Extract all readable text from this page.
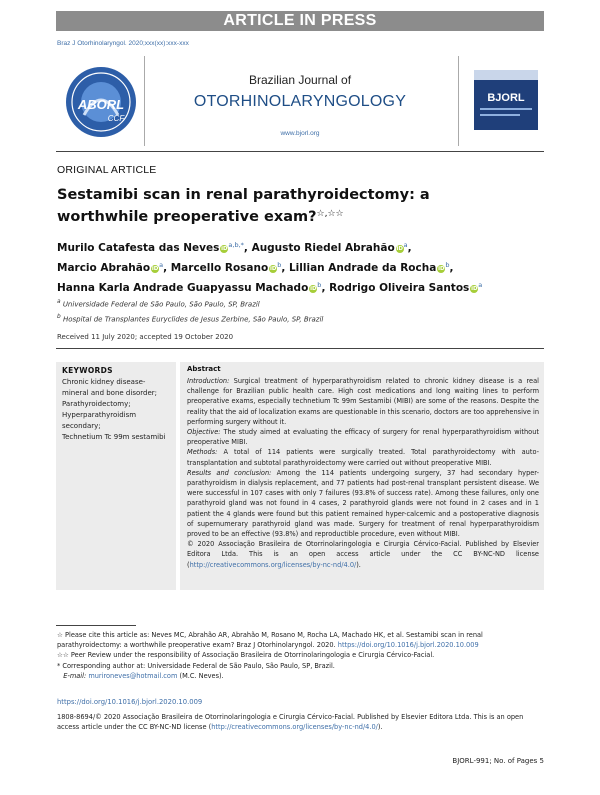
ARTICLE IN PRESS
Braz J Otorhinolaryngol. 2020;xxx(xx):xxx-xxx
ABORL
CCF
Brazilian Journal of
OTORHINOLARYNGOLOGY
www.bjorl.org
BJORL
ORIGINAL ARTICLE
Sestamibi scan in renal parathyroidectomy: a worthwhile preoperative exam?☆,☆☆
Murilo Catafesta das Neves $iD^{a,b,*}$, Augusto Riedel Abrahão $iD^a$,
Marcio Abrahão $iD^a$, Marcello Rosano $iD^b$, Lillian Andrade da Rocha $iD^b$,
Hanna Karla Andrade Guapyassu Machado $iD^b$, Rodrigo Oliveira Santos $iD^a$
$^a$ Universidade Federal de São Paulo, São Paulo, SP, Brazil
$^b$ Hospital de Transplantes Euryclides de Jesus Zerbine, São Paulo, SP, Brazil
Received 11 July 2020; accepted 19 October 2020
KEYWORDS
Chronic kidney disease-mineral and bone disorder;
Parathyroidectomy;
Hyperparathyroidism secondary;
Technetium Tc 99m sestamibi
Abstract

Introduction: Surgical treatment of hyperparathyroidism related to chronic kidney disease is a real challenge for Brazilian public health care. High cost medications and long waiting lines to perform preoperative exams, especially technetium Tc 99m Sestamibi (MIBI) are some of the reasons. Despite the reality that the aid of localization exams are questionable in this scenario, doctors are too apprehensive in performing surgery without it.

Objective: The study aimed at evaluating the efficacy of surgery for renal hyperparathyroidism without preoperative MIBI.

Methods: A total of 114 patients were surgically treated. Total parathyroidectomy with auto-transplantation and subtotal parathyroidectomy were carried out without preoperative MIBI.

Results and conclusion: Among the 114 patients undergoing surgery, 37 had secondary hyper-parathyroidism in dialysis replacement, and 77 patients had post-renal transplant persistent disease. We were successful in 107 cases with only 7 failures (93.8% of success rate). Among these failures, only one parathyroid gland was not found in 4 cases, 2 parathyroid glands were not found in 2 cases and in 1 patient the 4 glands were found but this patient remained hyper-calcemic and a postoperative diagnosis of supernumerary parathyroid gland was made. Surgery for treatment of renal hyperparathyroidism proved to be an effective (93.8%) and reproductible procedure, even without MIBI.

© 2020 Associação Brasileira de Otorrinolaringologia e Cirurgia Cérvico-Facial. Published by Elsevier Editora Ltda. This is an open access article under the CC BY-NC-ND license (http://creativecommons.org/licenses/by-nc-nd/4.0/).

☆ Please cite this article as: Neves MC, Abrahão AR, Abrahão M, Rosano M, Rocha LA, Machado HK, et al. Sestamibi scan in renal parathyroidectomy: a worthwhile preoperative exam? Braz J Otorhinolaryngol. 2020. https://doi.org/10.1016/j.bjorl.2020.10.009

☆☆ Peer Review under the responsibility of Associação Brasileira de Otorrinolaringologia e Cirurgia Cérvico-Facial.

* Corresponding author at: Universidade Federal de São Paulo, São Paulo, SP, Brazil.

E-mail: murironeves@hotmail.com (M.C. Neves).

https://doi.org/10.1016/j.bjorl.2020.10.009
1808-8694/© 2020 Associação Brasileira de Otorrinolaringologia e Cirurgia Cérvico-Facial. Published by Elsevier Editora Ltda. This is an open access article under the CC BY-NC-ND license (http://creativecommons.org/licenses/by-nc-nd/4.0/).
BJORL-991; No. of Pages 5
